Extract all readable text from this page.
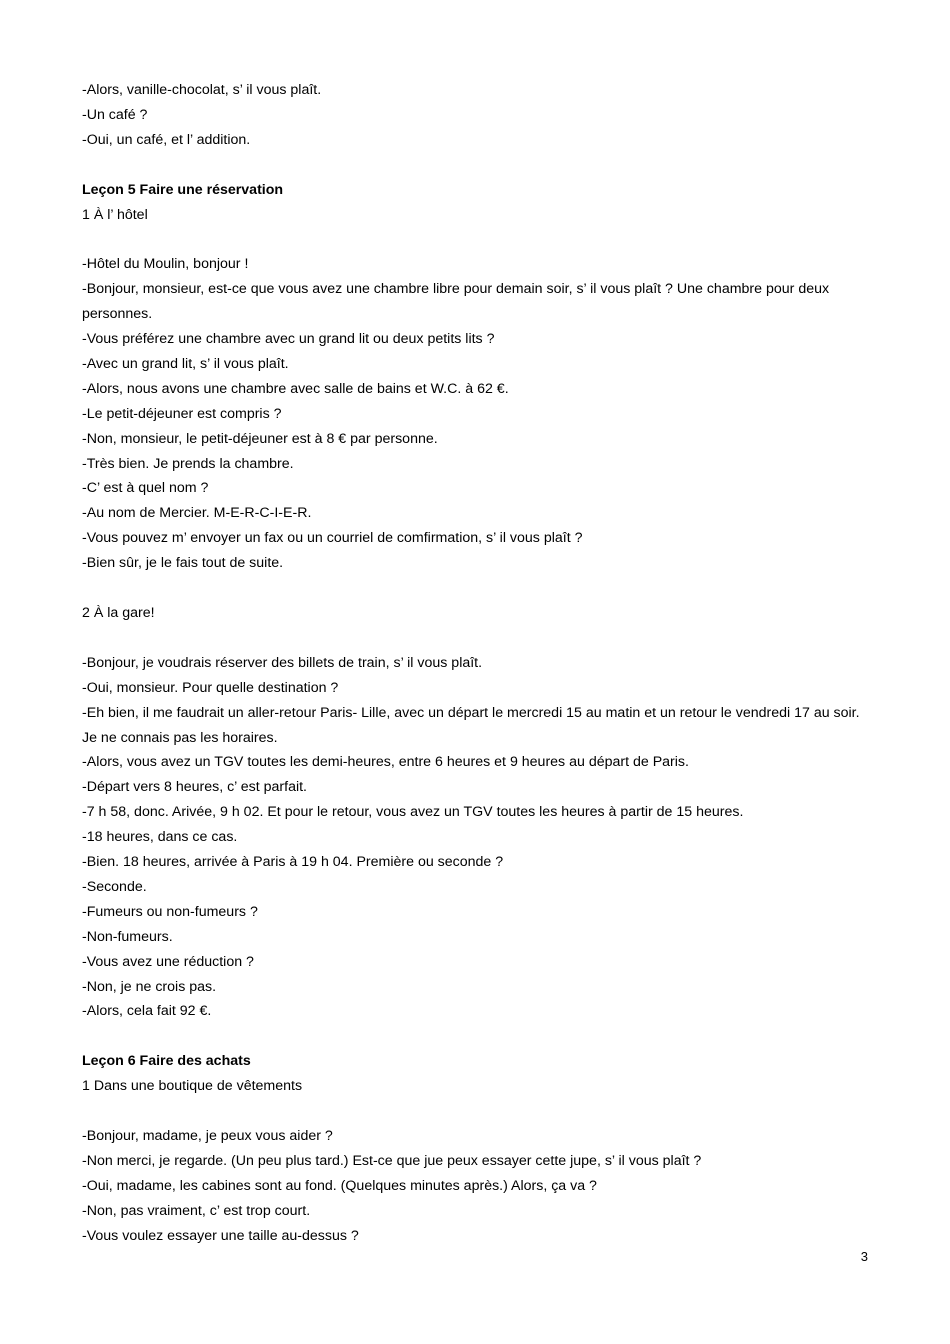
-Alors, vanille-chocolat, s’ il vous plaît.
-Un café ?
-Oui, un café, et l’ addition.
Leçon 5 Faire une réservation
1 À l’ hôtel
-Hôtel du Moulin, bonjour !
-Bonjour, monsieur, est-ce que vous avez une chambre libre pour demain soir, s’ il vous plaît ? Une chambre pour deux personnes.
-Vous préférez une chambre avec un grand lit ou deux petits lits ?
-Avec un grand lit, s’ il vous plaît.
-Alors, nous avons une chambre avec salle de bains et W.C. à 62 €.
-Le petit-déjeuner est compris ?
-Non, monsieur, le petit-déjeuner est à 8 € par personne.
-Très bien. Je prends la chambre.
-C’ est à quel nom ?
-Au nom de Mercier. M-E-R-C-I-E-R.
-Vous pouvez m’ envoyer un fax ou un courriel de comfirmation, s’ il vous plaît ?
-Bien sûr, je le fais tout de suite.
2 À la gare!
-Bonjour, je voudrais réserver des billets de train, s’ il vous plaît.
-Oui, monsieur. Pour quelle destination ?
-Eh bien, il me faudrait un aller-retour Paris- Lille, avec un départ le mercredi 15 au matin et un retour le vendredi 17 au soir. Je ne connais pas les horaires.
-Alors, vous avez un TGV toutes les demi-heures, entre 6 heures et 9 heures au départ de Paris.
-Départ vers 8 heures, c’ est parfait.
-7 h 58, donc. Arivée, 9 h 02. Et pour le retour, vous avez un TGV toutes les heures à partir de 15 heures.
-18 heures, dans ce cas.
-Bien. 18 heures, arrivée à Paris à 19 h 04. Première ou seconde ?
-Seconde.
-Fumeurs ou non-fumeurs ?
-Non-fumeurs.
-Vous avez une réduction ?
-Non, je ne crois pas.
-Alors, cela fait 92 €.
Leçon 6 Faire des achats
1 Dans une boutique de vêtements
-Bonjour, madame, je peux vous aider ?
-Non merci, je regarde. (Un peu plus tard.) Est-ce que jue peux essayer cette jupe, s’ il vous plaît ?
-Oui, madame, les cabines sont au fond. (Quelques minutes après.) Alors, ça va ?
-Non, pas vraiment, c’ est trop court.
-Vous voulez essayer une taille au-dessus ?
3
